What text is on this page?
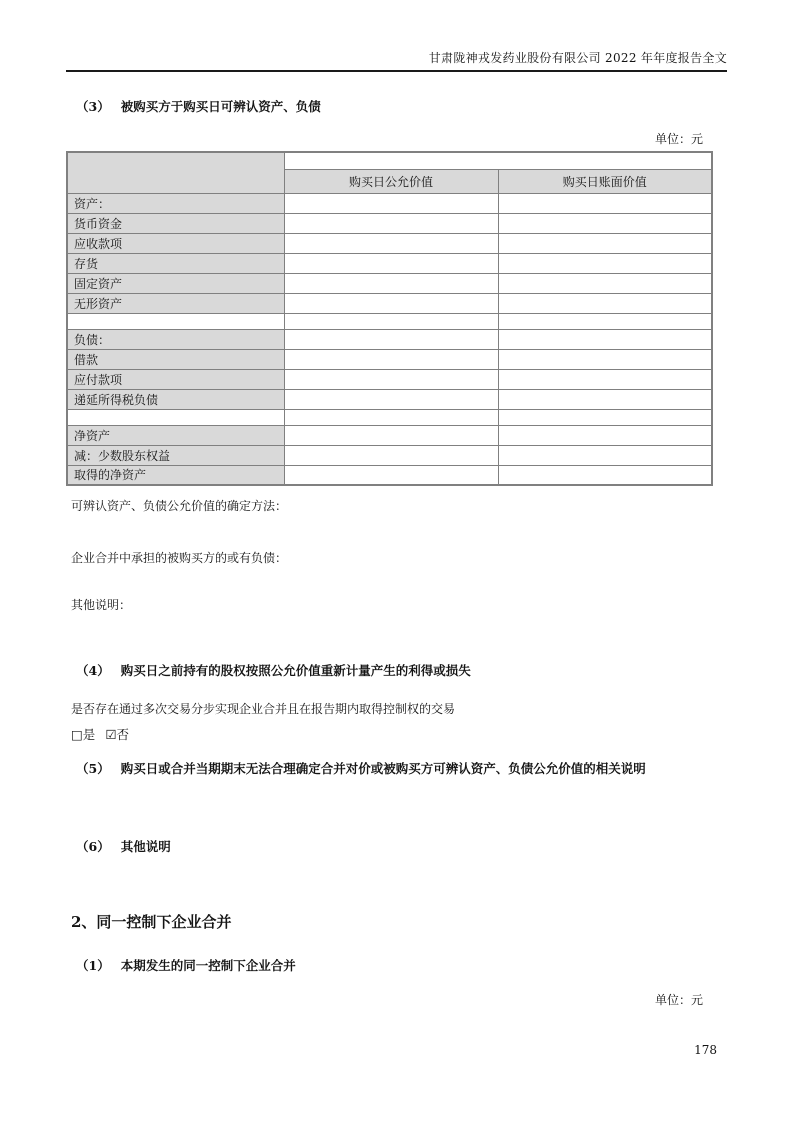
甘肃陇神戎发药业股份有限公司 2022 年年度报告全文
（3） 被购买方于购买日可辨认资产、负债
单位：元

	购买日公允价值	购买日账面价值
资产：		
货币资金		
应收款项		
存货		
固定资产		
无形资产		

负债：		
借款		
应付款项		
递延所得税负债		

净资产		
减：少数股东权益		
取得的净资产		
可辨认资产、负债公允价值的确定方法：
企业合并中承担的被购买方的或有负债：
其他说明：
（4） 购买日之前持有的股权按照公允价值重新计量产生的利得或损失
是否存在通过多次交易分步实现企业合并且在报告期内取得控制权的交易
□是 ☑否
（5） 购买日或合并当期期末无法合理确定合并对价或被购买方可辨认资产、负债公允价值的相关说明
（6） 其他说明
2、同一控制下企业合并
（1） 本期发生的同一控制下企业合并
单位：元
178
